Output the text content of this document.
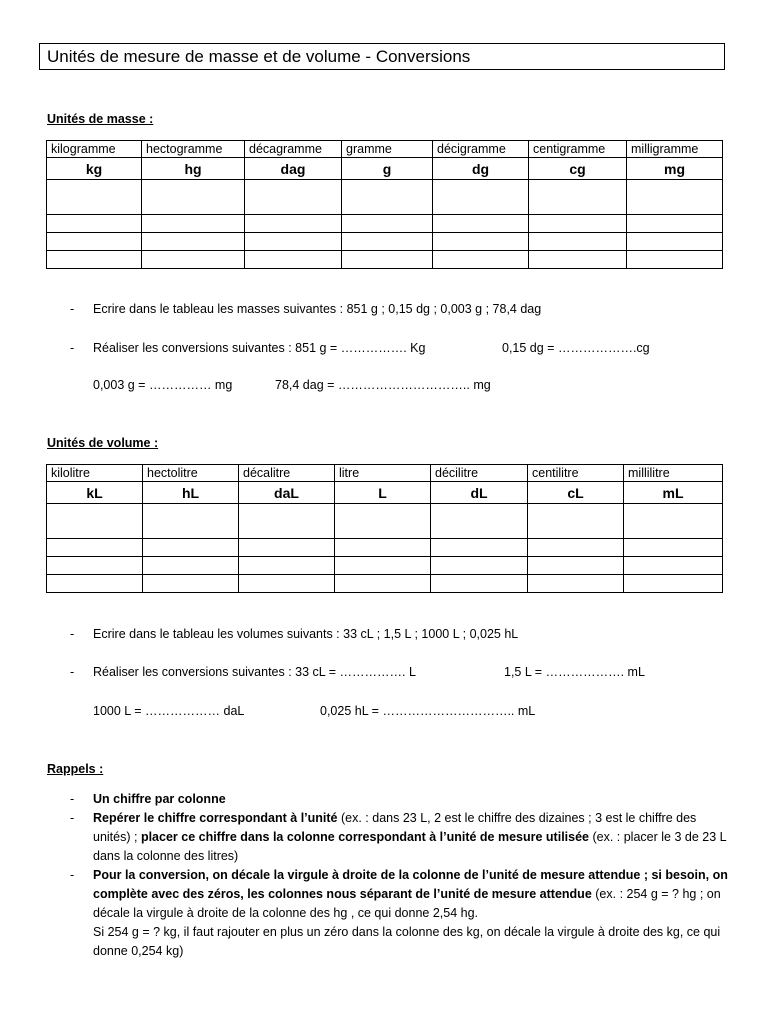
Unités de mesure de masse et de volume - Conversions
Unités de masse :
kilogramme	hectogramme	décagramme	gramme	décigramme	centigramme	milligramme
kg	hg	dag	g	dg	cg	mg

- Ecrire dans le tableau les masses suivantes : 851 g ; 0,15 dg ; 0,003 g ; 78,4 dag
- Réaliser les conversions suivantes : 851 g = ……………. Kg	0,15 dg = ……………….cg
0,003 g = …………… mg	78,4 dag = ………………………….. mg
Unités de volume :
kilolitre	hectolitre	décalitre	litre	décilitre	centilitre	millilitre
kL	hL	daL	L	dL	cL	mL

- Ecrire dans le tableau les volumes suivants : 33 cL ; 1,5 L ; 1000 L ; 0,025 hL
- Réaliser les conversions suivantes : 33 cL = ……………. L	1,5 L = ………………. mL
1000 L = ……………… daL	0,025 hL = ………………………….. mL
Rappels :
- Un chiffre par colonne
- Repérer le chiffre correspondant à l’unité (ex. : dans 23 L, 2 est le chiffre des dizaines ; 3 est le chiffre des unités) ; placer ce chiffre dans la colonne correspondant à l’unité de mesure utilisée (ex. : placer le 3 de 23 L dans la colonne des litres)
- Pour la conversion, on décale la virgule à droite de la colonne de l’unité de mesure attendue ; si besoin, on complète avec des zéros, les colonnes nous séparant de l’unité de mesure attendue (ex. : 254 g = ? hg ; on décale la virgule à droite de la colonne des hg , ce qui donne 2,54 hg.
Si 254 g = ? kg, il faut rajouter en plus un zéro dans la colonne des kg, on décale la virgule à droite des kg, ce qui donne 0,254 kg)
